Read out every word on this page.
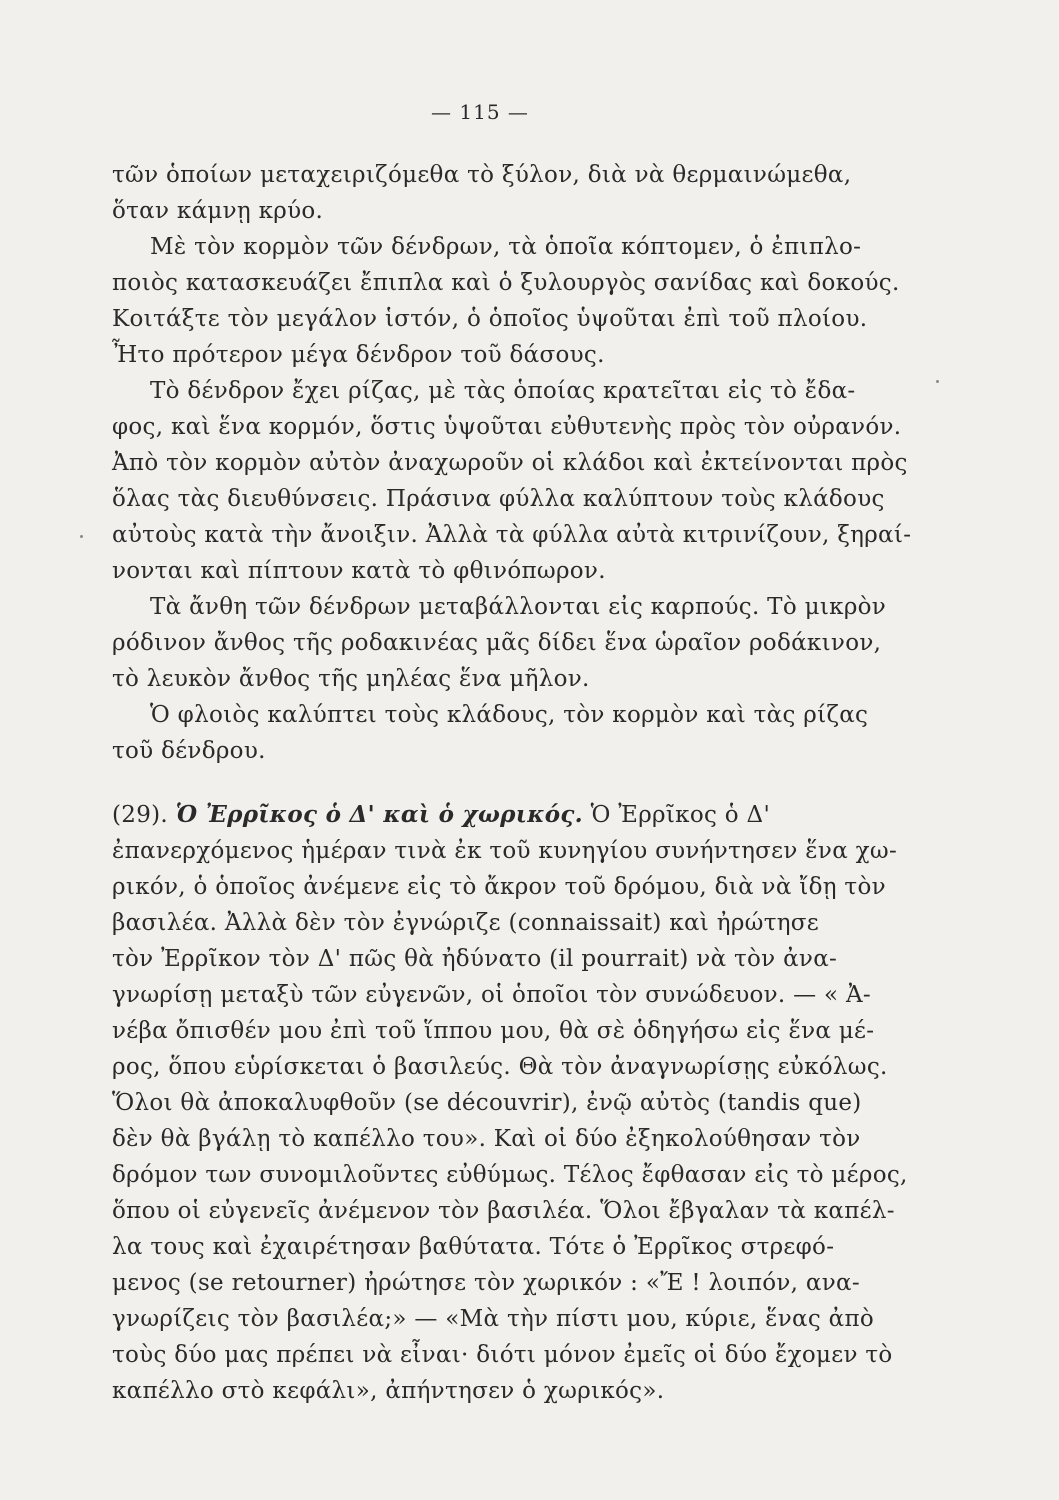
— 115 —
τῶν ὁποίων μεταχειριζόμεθα τὸ ξύλον, διὰ νὰ θερμαινώμεθα,
ὅταν κάμνῃ κρύο.
Μὲ τὸν κορμὸν τῶν δένδρων, τὰ ὁποῖα κόπτομεν, ὁ ἐπιπλο-
ποιὸς κατασκευάζει ἔπιπλα καὶ ὁ ξυλουργὸς σανίδας καὶ δοκούς.
Κοιτάξτε τὸν μεγάλον ἱστόν, ὁ ὁποῖος ὑψοῦται ἐπὶ τοῦ πλοίου.
Ἦτο πρότερον μέγα δένδρον τοῦ δάσους.
Τὸ δένδρον ἔχει ρίζας, μὲ τὰς ὁποίας κρατεῖται εἰς τὸ ἔδα-
φος, καὶ ἕνα κορμόν, ὅστις ὑψοῦται εὐθυτενὴς πρὸς τὸν οὐρανόν.
Ἀπὸ τὸν κορμὸν αὐτὸν ἀναχωροῦν οἱ κλάδοι καὶ ἐκτείνονται πρὸς
ὅλας τὰς διευθύνσεις. Πράσινα φύλλα καλύπτουν τοὺς κλάδους
αὐτοὺς κατὰ τὴν ἄνοιξιν. Ἀλλὰ τὰ φύλλα αὐτὰ κιτρινίζουν, ξηραί-
νονται καὶ πίπτουν κατὰ τὸ φθινόπωρον.
Τὰ ἄνθη τῶν δένδρων μεταβάλλονται εἰς καρπούς. Τὸ μικρὸν
ρόδινον ἄνθος τῆς ροδακινέας μᾶς δίδει ἕνα ὡραῖον ροδάκινον,
τὸ λευκὸν ἄνθος τῆς μηλέας ἕνα μῆλον.
Ὁ φλοιὸς καλύπτει τοὺς κλάδους, τὸν κορμὸν καὶ τὰς ρίζας
τοῦ δένδρου.
(29). Ὁ Ἐρρῖκος ὁ Δ' καὶ ὁ χωρικός. Ὁ Ἐρρῖκος ὁ Δ'
ἐπανερχόμενος ἡμέραν τινὰ ἐκ τοῦ κυνηγίου συνήντησεν ἕνα χω-
ρικόν, ὁ ὁποῖος ἀνέμενε εἰς τὸ ἄκρον τοῦ δρόμου, διὰ νὰ ἴδῃ τὸν
βασιλέα. Ἀλλὰ δὲν τὸν ἐγνώριζε (connaissait) καὶ ἠρώτησε
τὸν Ἐρρῖκον τὸν Δ' πῶς θὰ ἠδύνατο (il pourrait) νὰ τὸν ἀνα-
γνωρίσῃ μεταξὺ τῶν εὐγενῶν, οἱ ὁποῖοι τὸν συνώδευον. — « Ἀ-
νέβα ὄπισθέν μου ἐπὶ τοῦ ἵππου μου, θὰ σὲ ὁδηγήσω εἰς ἕνα μέ-
ρος, ὅπου εὑρίσκεται ὁ βασιλεύς. Θὰ τὸν ἀναγνωρίσῃς εὐκόλως.
Ὅλοι θὰ ἀποκαλυφθοῦν (se découvrir), ἐνῷ αὐτὸς (tandis que)
δὲν θὰ βγάλῃ τὸ καπέλλο του». Καὶ οἱ δύο ἐξηκολούθησαν τὸν
δρόμον των συνομιλοῦντες εὐθύμως. Τέλος ἔφθασαν εἰς τὸ μέρος,
ὅπου οἱ εὐγενεῖς ἀνέμενον τὸν βασιλέα. Ὅλοι ἔβγαλαν τὰ καπέλ-
λα τους καὶ ἐχαιρέτησαν βαθύτατα. Τότε ὁ Ἐρρῖκος στρεφό-
μενος (se retourner) ἠρώτησε τὸν χωρικόν : «Ἔ ! λοιπόν, ανα-
γνωρίζεις τὸν βασιλέα;» — «Μὰ τὴν πίστι μου, κύριε, ἕνας ἀπὸ
τοὺς δύο μας πρέπει νὰ εἶναι· διότι μόνον ἐμεῖς οἱ δύο ἔχομεν τὸ
καπέλλο στὸ κεφάλι», ἀπήντησεν ὁ χωρικός».
